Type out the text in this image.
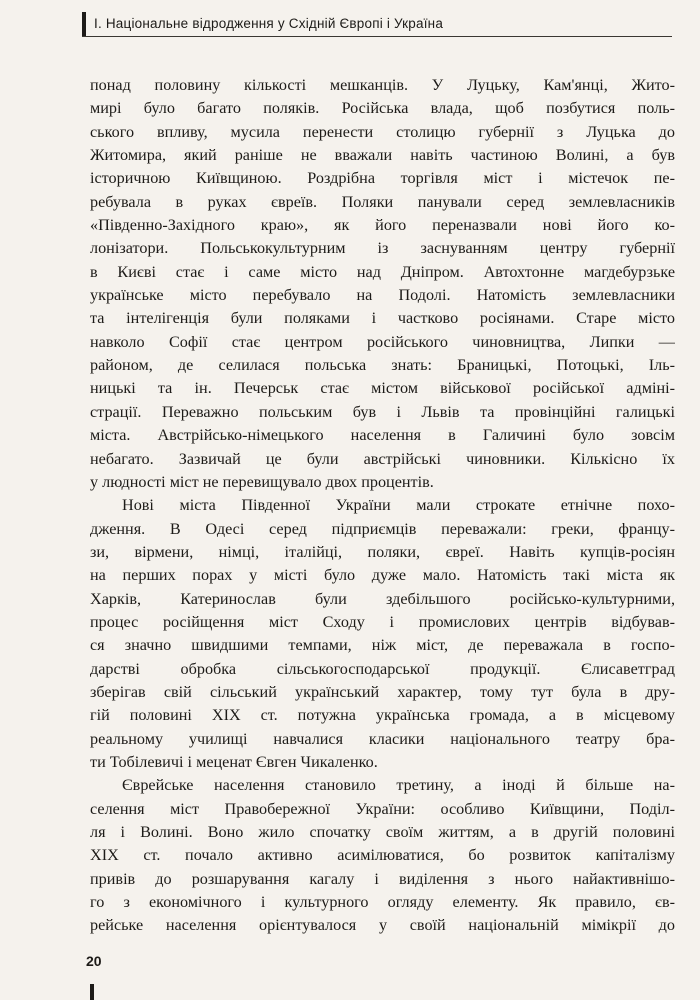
І. Національне відродження у Східній Європі і Україна
понад половину кількості мешканців. У Луцьку, Кам'янці, Жито-
мирі було багато поляків. Російська влада, щоб позбутися поль-
ського впливу, мусила перенести столицю губернії з Луцька до
Житомира, який раніше не вважали навіть частиною Волині, а був
історичною Київщиною. Роздрібна торгівля міст і містечок пе-
ребувала в руках євреїв. Поляки панували серед землевласників
«Південно-Західного краю», як його переназвали нові його ко-
лонізатори. Польськокультурним із заснуванням центру губернії
в Києві стає і саме місто над Дніпром. Автохтонне магдебурзьке
українське місто перебувало на Подолі. Натомість землевласники
та інтелігенція були поляками і частково росіянами. Старе місто
навколо Софії стає центром російського чиновництва, Липки —
районом, де селилася польська знать: Браницькі, Потоцькі, Іль-
ницькі та ін. Печерськ стає містом військової російської адміні-
страції. Переважно польським був і Львів та провінційні галицькі
міста. Австрійсько-німецького населення в Галичині було зовсім
небагато. Зазвичай це були австрійські чиновники. Кількісно їх
у людності міст не перевищувало двох процентів.
Нові міста Південної України мали строкате етнічне похо-
дження. В Одесі серед підприємців переважали: греки, францу-
зи, вірмени, німці, італійці, поляки, євреї. Навіть купців-росіян
на перших порах у місті було дуже мало. Натомість такі міста як
Харків, Катеринослав були здебільшого російсько-культурними,
процес російщення міст Сходу і промислових центрів відбував-
ся значно швидшими темпами, ніж міст, де переважала в госпо-
дарстві обробка сільськогосподарської продукції. Єлисаветград
зберігав свій сільський український характер, тому тут була в дру-
гій половині XIX ст. потужна українська громада, а в місцевому
реальному училищі навчалися класики національного театру бра-
ти Тобілевичі і меценат Євген Чикаленко.
Єврейське населення становило третину, а іноді й більше на-
селення міст Правобережної України: особливо Київщини, Поділ-
ля і Волині. Воно жило спочатку своїм життям, а в другій половині
XIX ст. почало активно асимілюватися, бо розвиток капіталізму
привів до розшарування кагалу і виділення з нього найактивнішо-
го з економічного і культурного огляду елементу. Як правило, єв-
рейське населення орієнтувалося у своїй національній мімікрії до
20
